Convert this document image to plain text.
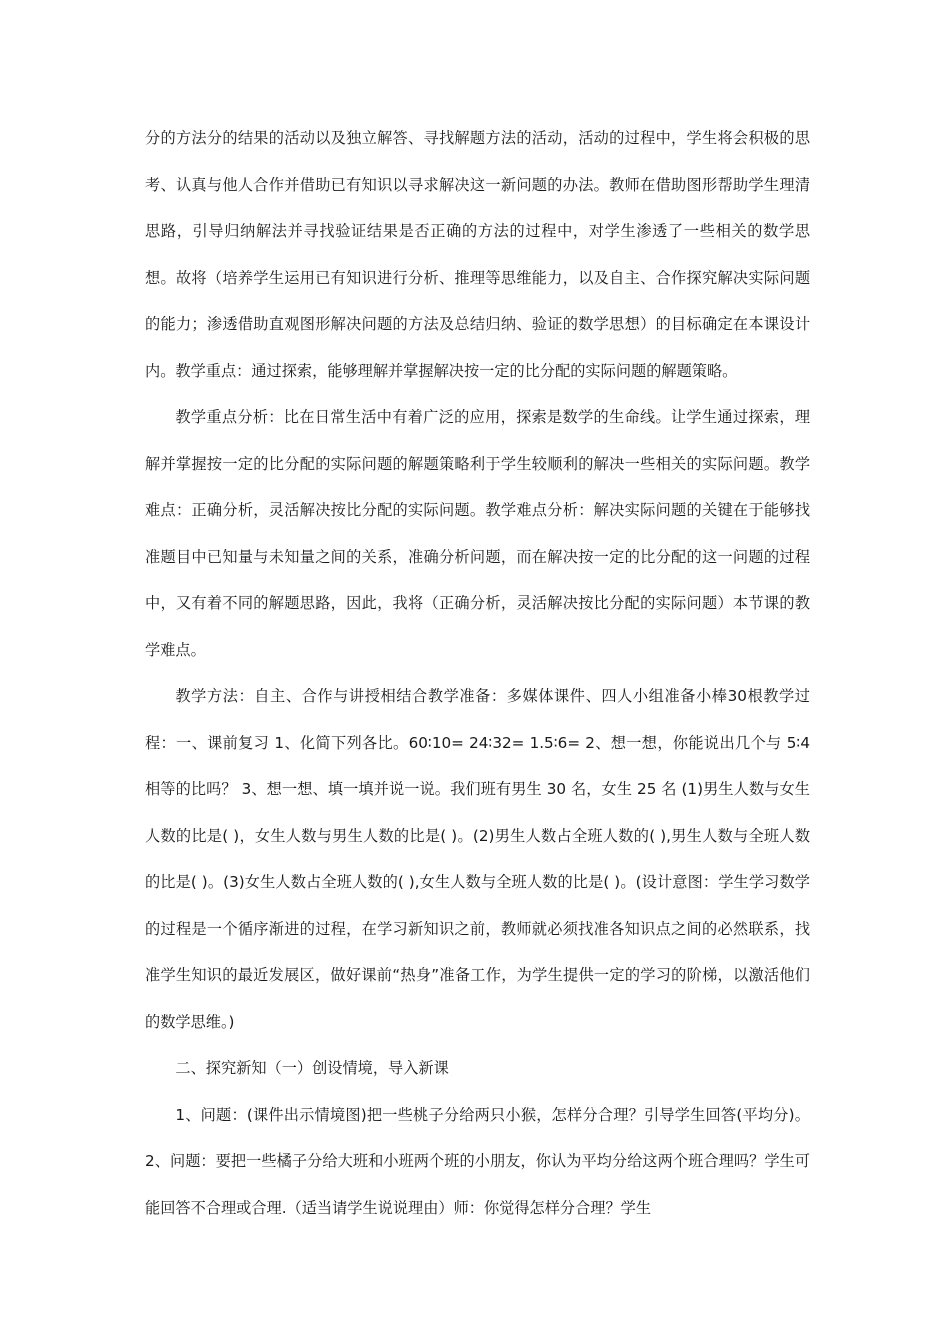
分的方法分的结果的活动以及独立解答、寻找解题方法的活动，活动的过程中，学生将会积极的思考、认真与他人合作并借助已有知识以寻求解决这一新问题的办法。教师在借助图形帮助学生理清思路，引导归纳解法并寻找验证结果是否正确的方法的过程中，对学生渗透了一些相关的数学思想。故将（培养学生运用已有知识进行分析、推理等思维能力，以及自主、合作探究解决实际问题的能力；渗透借助直观图形解决问题的方法及总结归纳、验证的数学思想）的目标确定在本课设计内。教学重点：通过探索，能够理解并掌握解决按一定的比分配的实际问题的解题策略。

教学重点分析：比在日常生活中有着广泛的应用，探索是数学的生命线。让学生通过探索，理解并掌握按一定的比分配的实际问题的解题策略利于学生较顺利的解决一些相关的实际问题。教学难点：正确分析，灵活解决按比分配的实际问题。教学难点分析：解决实际问题的关键在于能够找准题目中已知量与未知量之间的关系，准确分析问题，而在解决按一定的比分配的这一问题的过程中，又有着不同的解题思路，因此，我将（正确分析，灵活解决按比分配的实际问题）本节课的教学难点。

教学方法：自主、合作与讲授相结合教学准备：多媒体课件、四人小组准备小棒30根教学过程：一、课前复习 1、化简下列各比。60∶10= 24∶32= 1.5∶6= 2、想一想，你能说出几个与 5∶4 相等的比吗？ 3、想一想、填一填并说一说。我们班有男生 30 名，女生 25 名 (1)男生人数与女生人数的比是( )，女生人数与男生人数的比是( )。(2)男生人数占全班人数的( ),男生人数与全班人数的比是( )。(3)女生人数占全班人数的( ),女生人数与全班人数的比是( )。(设计意图：学生学习数学的过程是一个循序渐进的过程，在学习新知识之前，教师就必须找准各知识点之间的必然联系，找准学生知识的最近发展区，做好课前“热身”准备工作，为学生提供一定的学习的阶梯，以激活他们的数学思维。)

二、探究新知（一）创设情境，导入新课

1、问题：(课件出示情境图)把一些桃子分给两只小猴，怎样分合理？引导学生回答(平均分)。2、问题：要把一些橘子分给大班和小班两个班的小朋友，你认为平均分给这两个班合理吗？学生可能回答不合理或合理.（适当请学生说说理由）师：你觉得怎样分合理？学生
